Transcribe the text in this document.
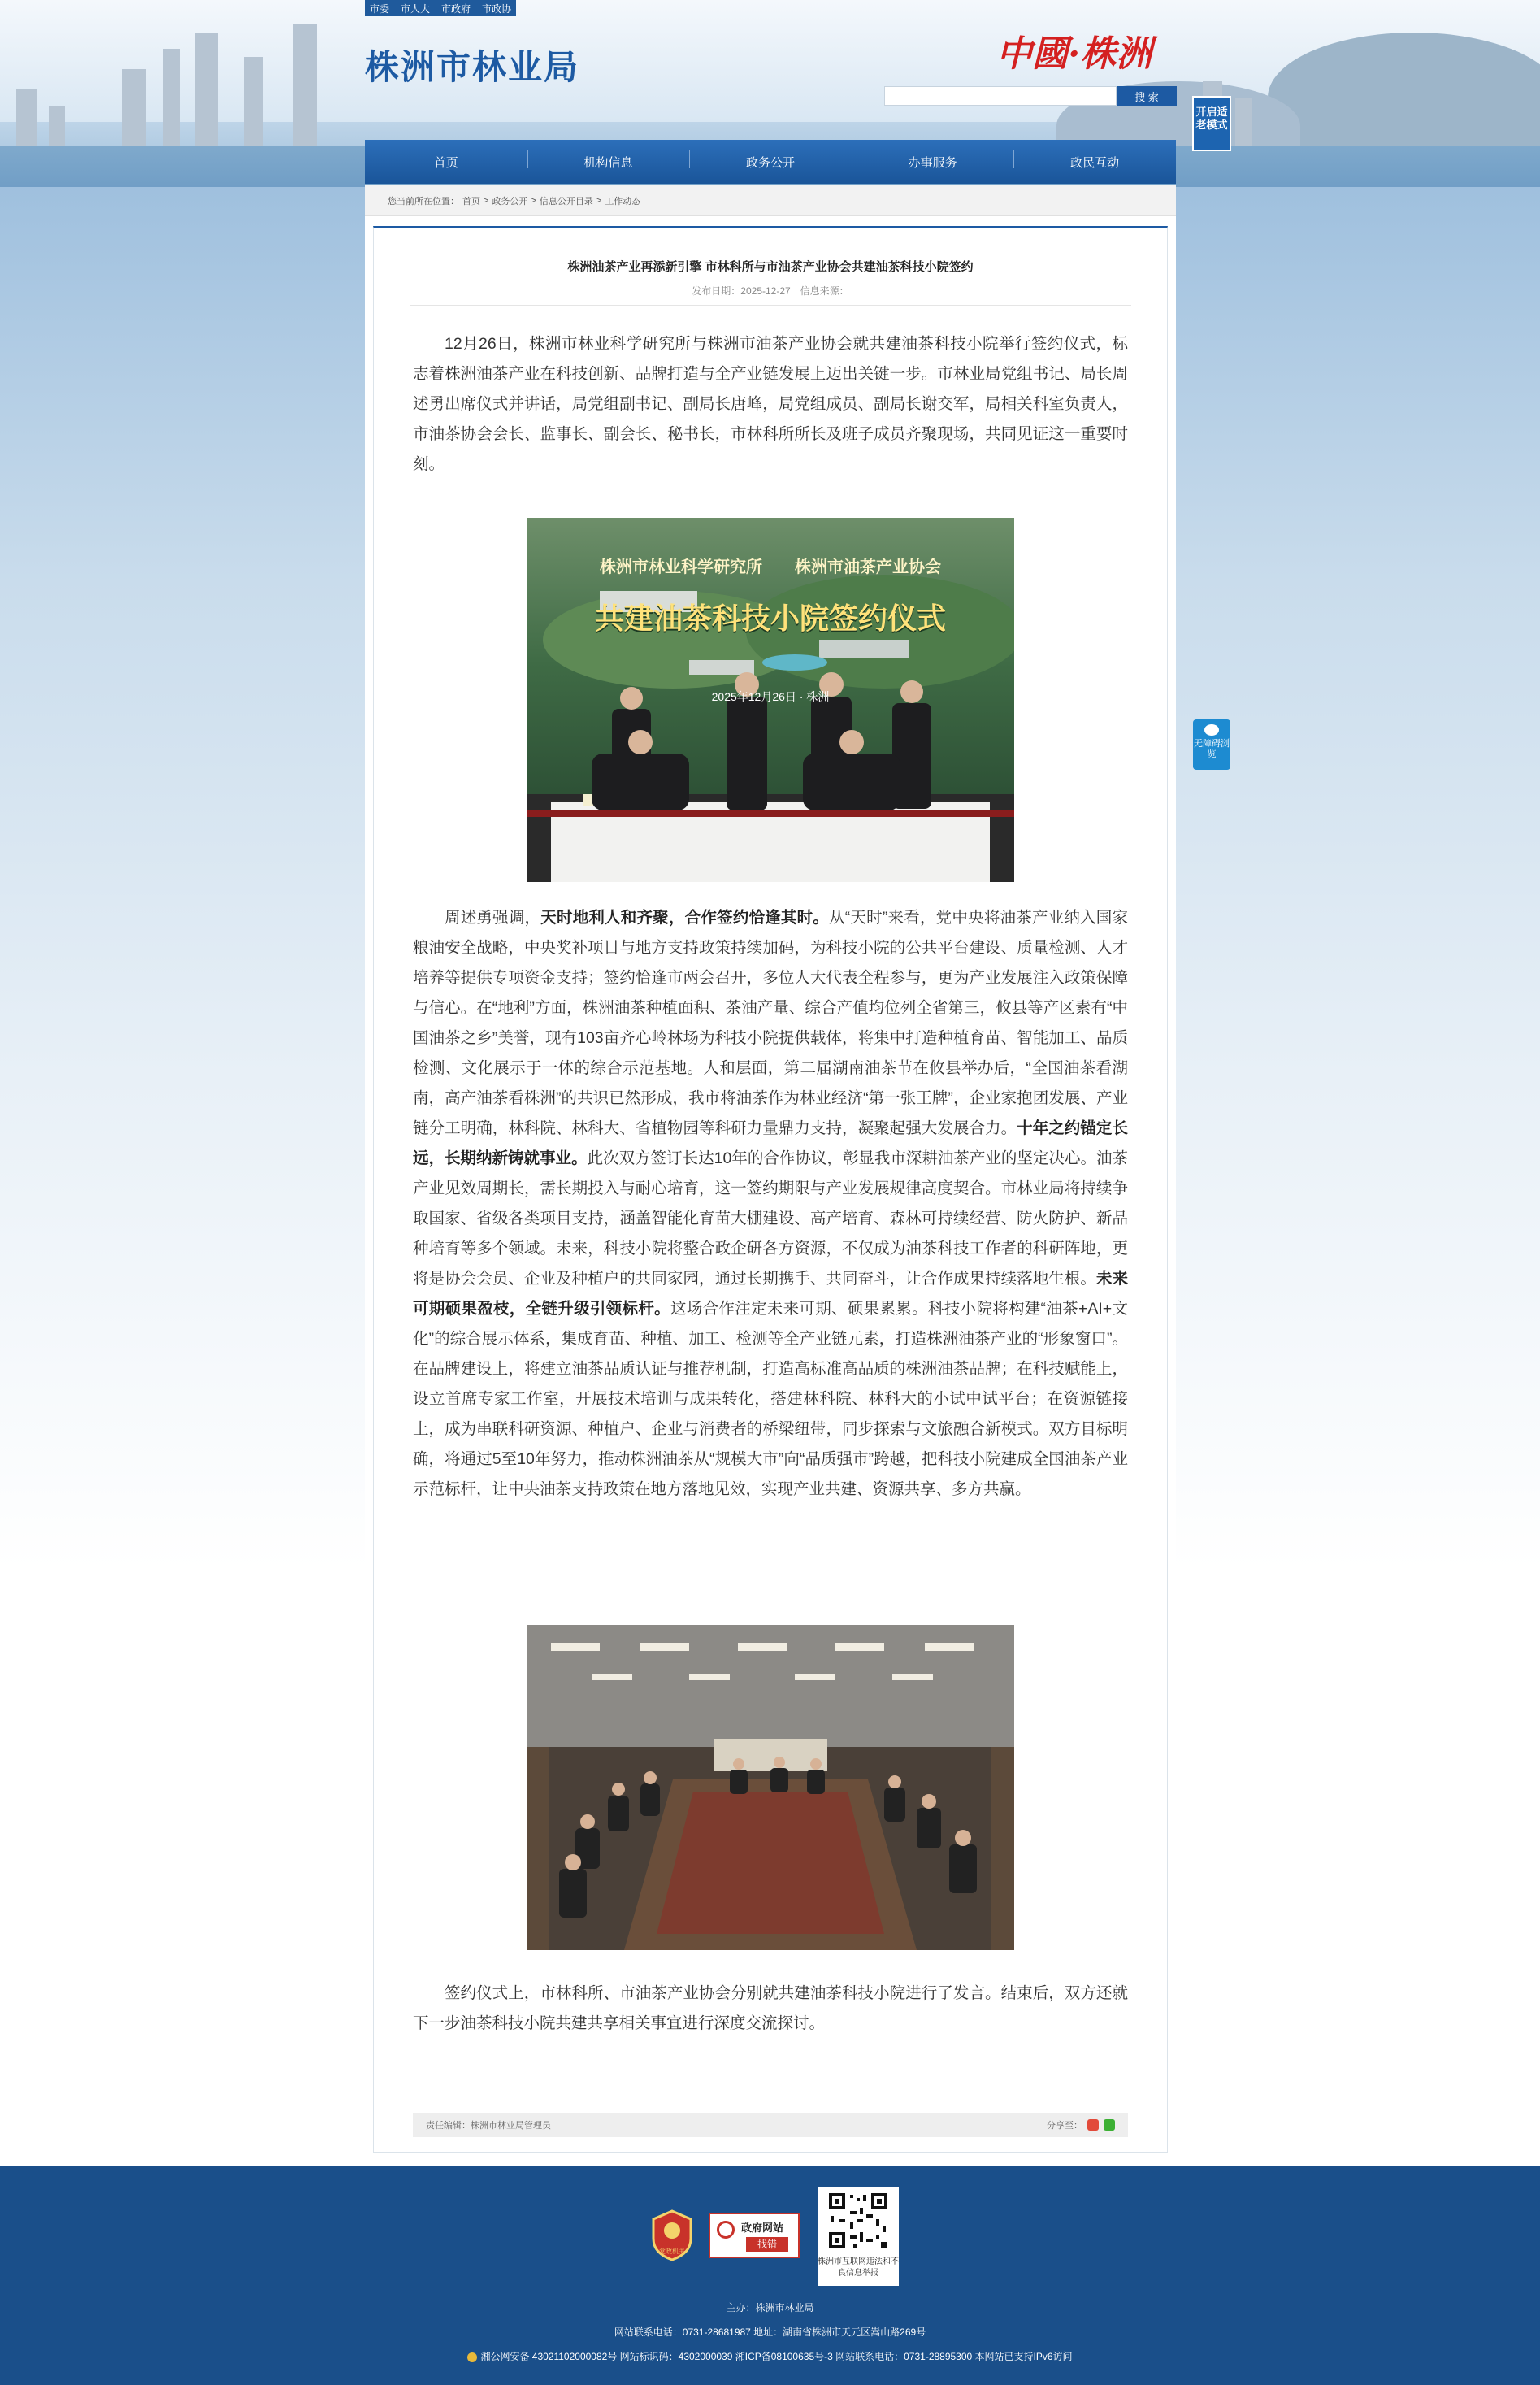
市委 市人大 市政府 市政协
株洲市林业局	中國·株洲
搜 索
开启适老模式
首页	机构信息	政务公开	办事服务	政民互动
您当前所在位置： 首页 > 政务公开 > 信息公开目录 > 工作动态
株洲油茶产业再添新引擎 市林科所与市油茶产业协会共建油茶科技小院签约
发布日期：2025-12-27　信息来源：

12月26日，株洲市林业科学研究所与株洲市油茶产业协会就共建油茶科技小院举行签约仪式，标志着株洲油茶产业在科技创新、品牌打造与全产业链发展上迈出关键一步。市林业局党组书记、局长周述勇出席仪式并讲话，局党组副书记、副局长唐峰，局党组成员、副局长谢交军，局相关科室负责人，市油茶协会会长、监事长、副会长、秘书长，市林科所所长及班子成员齐聚现场，共同见证这一重要时刻。

株洲市林业科学研究所　　株洲市油茶产业协会
共建油茶科技小院签约仪式
2025年12月26日 · 株洲

周述勇强调，天时地利人和齐聚，合作签约恰逢其时。从“天时”来看，党中央将油茶产业纳入国家粮油安全战略，中央奖补项目与地方支持政策持续加码，为科技小院的公共平台建设、质量检测、人才培养等提供专项资金支持；签约恰逢市两会召开，多位人大代表全程参与，更为产业发展注入政策保障与信心。在“地利”方面，株洲油茶种植面积、茶油产量、综合产值均位列全省第三，攸县等产区素有“中国油茶之乡”美誉，现有103亩齐心岭林场为科技小院提供载体，将集中打造种植育苗、智能加工、品质检测、文化展示于一体的综合示范基地。人和层面，第二届湖南油茶节在攸县举办后，“全国油茶看湖南，高产油茶看株洲”的共识已然形成，我市将油茶作为林业经济“第一张王牌”，企业家抱团发展、产业链分工明确，林科院、林科大、省植物园等科研力量鼎力支持，凝聚起强大发展合力。十年之约锚定长远，长期纳新铸就事业。此次双方签订长达10年的合作协议，彰显我市深耕油茶产业的坚定决心。油茶产业见效周期长，需长期投入与耐心培育，这一签约期限与产业发展规律高度契合。市林业局将持续争取国家、省级各类项目支持，涵盖智能化育苗大棚建设、高产培育、森林可持续经营、防火防护、新品种培育等多个领域。未来，科技小院将整合政企研各方资源，不仅成为油茶科技工作者的科研阵地，更将是协会会员、企业及种植户的共同家园，通过长期携手、共同奋斗，让合作成果持续落地生根。未来可期硕果盈枝，全链升级引领标杆。这场合作注定未来可期、硕果累累。科技小院将构建“油茶+AI+文化”的综合展示体系，集成育苗、种植、加工、检测等全产业链元素，打造株洲油茶产业的“形象窗口”。在品牌建设上，将建立油茶品质认证与推荐机制，打造高标准高品质的株洲油茶品牌；在科技赋能上，设立首席专家工作室，开展技术培训与成果转化，搭建林科院、林科大的小试中试平台；在资源链接上，成为串联科研资源、种植户、企业与消费者的桥梁纽带，同步探索与文旅融合新模式。双方目标明确，将通过5至10年努力，推动株洲油茶从“规模大市”向“品质强市”跨越，把科技小院建成全国油茶产业示范标杆，让中央油茶支持政策在地方落地见效，实现产业共建、资源共享、多方共赢。

签约仪式上，市林科所、市油茶产业协会分别就共建油茶科技小院进行了发言。结束后，双方还就下一步油茶科技小院共建共享相关事宜进行深度交流探讨。

责任编辑：株洲市林业局管理员	分享至：
无障碍浏览
党政机关
政府网站
找错
株洲市互联网违法和不良信息举报
主办：株洲市林业局
网站联系电话：0731-28681987 地址：湖南省株洲市天元区嵩山路269号
湘公网安备 43021102000082号 网站标识码：4302000039 湘ICP备08100635号-3 网站联系电话：0731-28895300 本网站已支持IPv6访问
